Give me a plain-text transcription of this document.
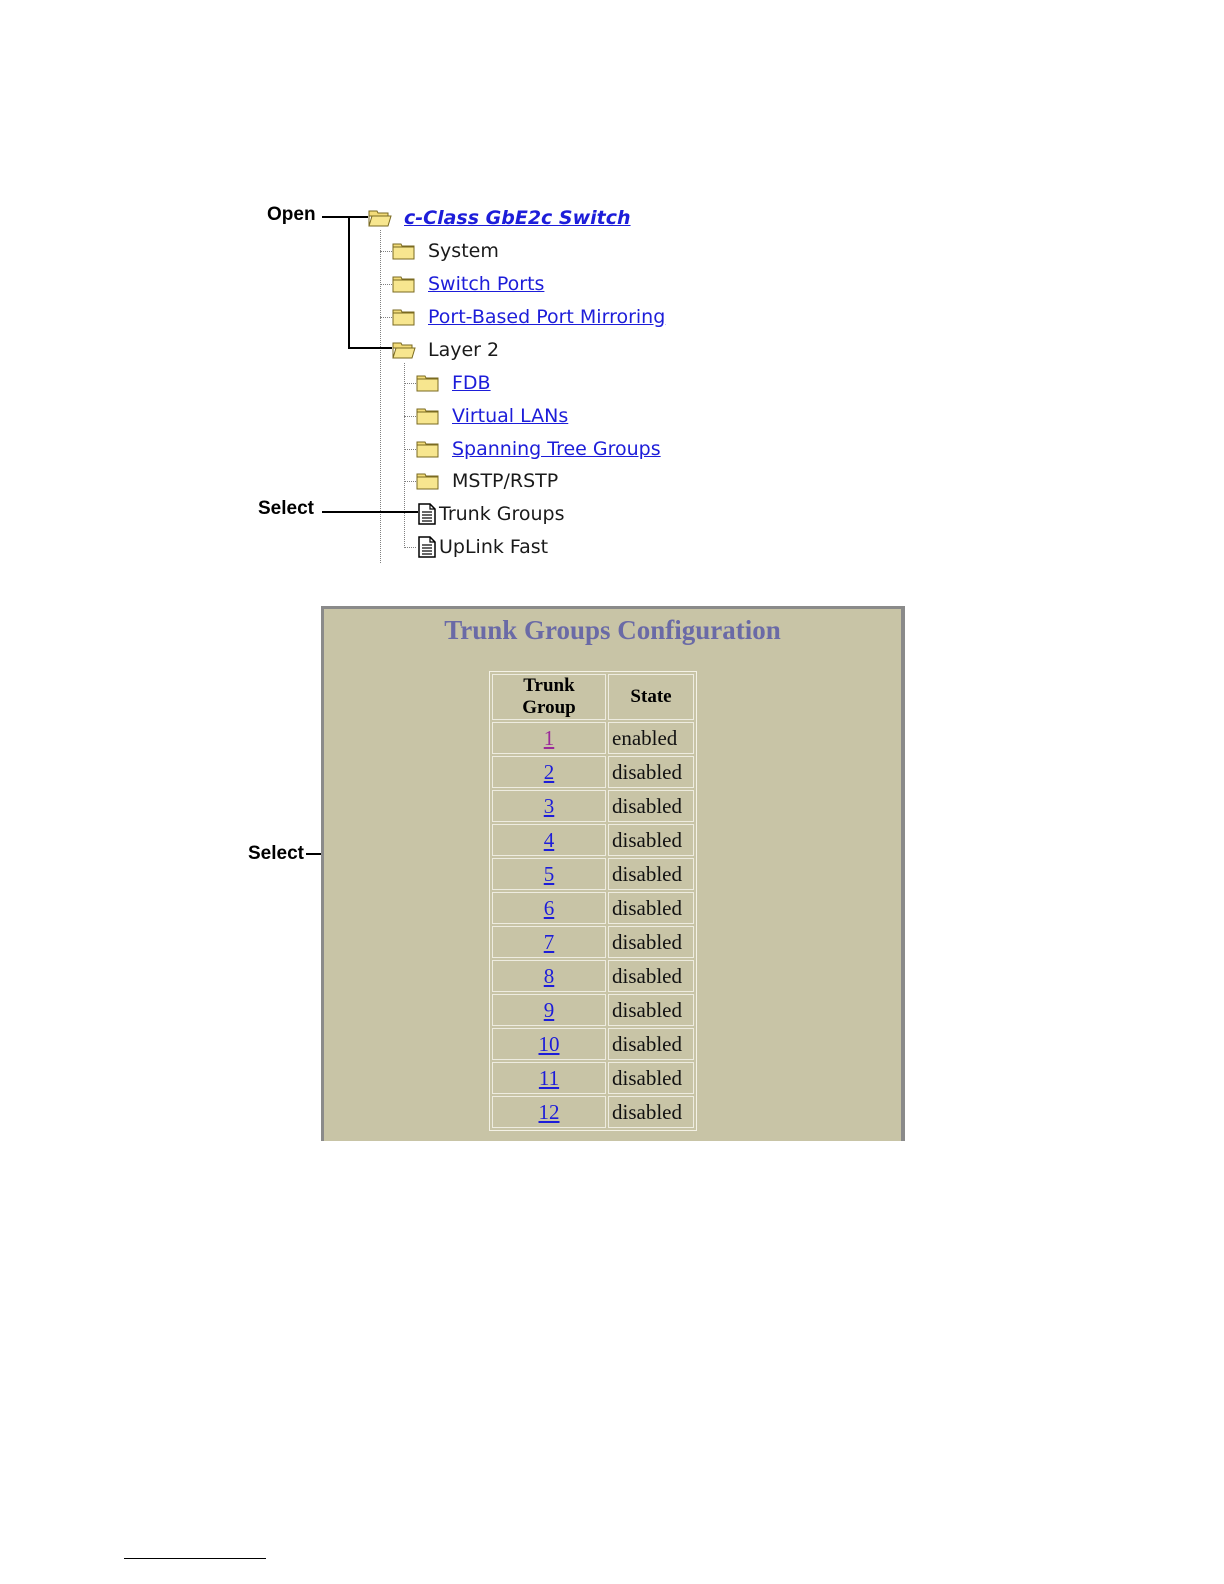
c-Class GbE2c Switch
System
Switch Ports
Port-Based Port Mirroring
Layer 2
FDB
Virtual LANs
Spanning Tree Groups
MSTP/RSTP
Trunk Groups
UpLink Fast
Open
Select
Select
Trunk Groups Configuration
Trunk Group	State
1	enabled
2	disabled
3	disabled
4	disabled
5	disabled
6	disabled
7	disabled
8	disabled
9	disabled
10	disabled
11	disabled
12	disabled
